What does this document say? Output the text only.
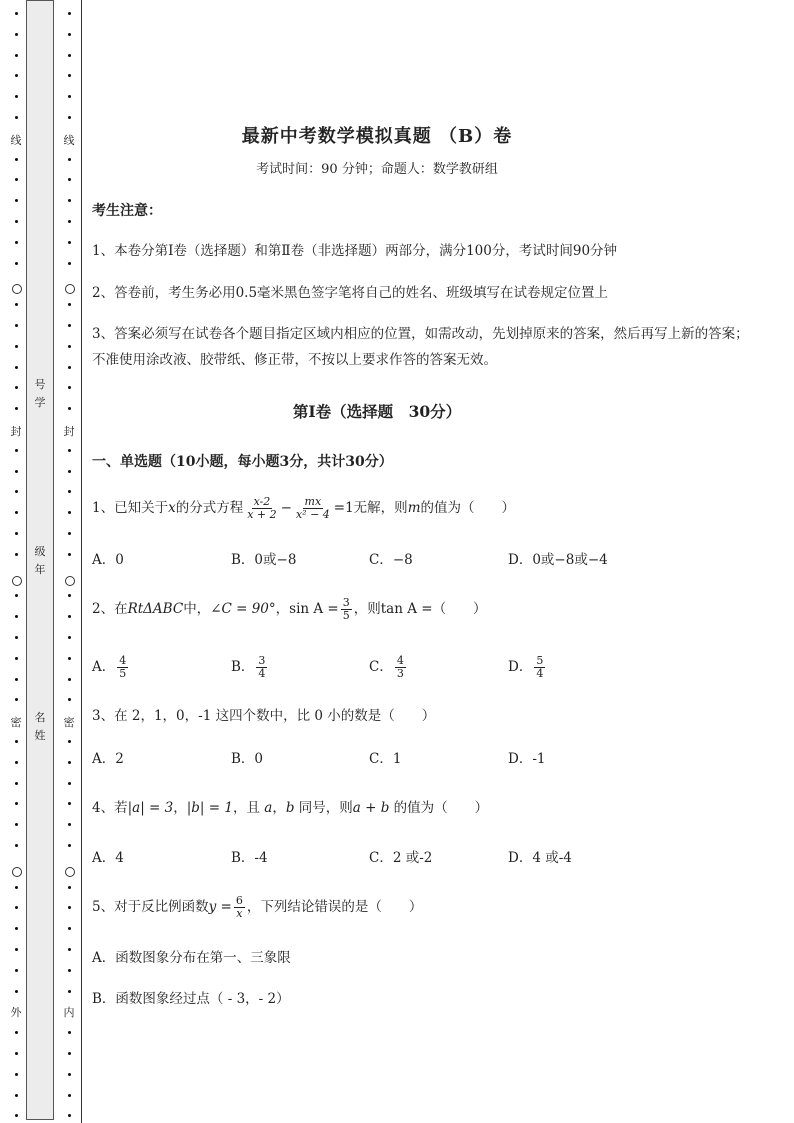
线
封
密
外
线
封
密
内
号学
级年
名姓
最新中考数学模拟真题 （B）卷
考试时间：90 分钟；命题人：数学教研组
考生注意：
1、本卷分第Ⅰ卷（选择题）和第Ⅱ卷（非选择题）两部分，满分100分，考试时间90分钟
2、答卷前，考生务必用0.5毫米黑色签字笔将自己的姓名、班级填写在试卷规定位置上
3、答案必须写在试卷各个题目指定区域内相应的位置，如需改动，先划掉原来的答案，然后再写上新的答案；不准使用涂改液、胶带纸、修正带，不按以上要求作答的答案无效。
第Ⅰ卷（选择题　30分）
一、单选题（10小题，每小题3分，共计30分）
1、已知关于x的分式方程 $\frac{x-2}{x + 2} - \frac{mx}{\text{x² − 4}} =1$无解，则m的值为（　　）
A．0	B．0或−8	C．−8	D．0或−8或−4
2、在RtΔABC中，∠C = 90°，$\sin A = \frac{3}{5}$ ，则tan A =（　　）
A． $\frac{4}{5}$	B． $\frac{3}{4}$	C． $\frac{4}{3}$	D． $\frac{5}{4}$
3、在 2，1，0，-1 这四个数中，比 0 小的数是（　　）
A．2	B．0	C．1	D．-1
4、若|a| = 3，|b| = 1，且 a，b 同号，则a + b 的值为（　　）
A．4	B．-4	C．2 或-2	D．4 或-4
5、对于反比例函数$y = \frac{6}{x}$ ，下列结论错误的是（　　）
A．函数图象分布在第一、三象限
B．函数图象经过点（ - 3，- 2）
